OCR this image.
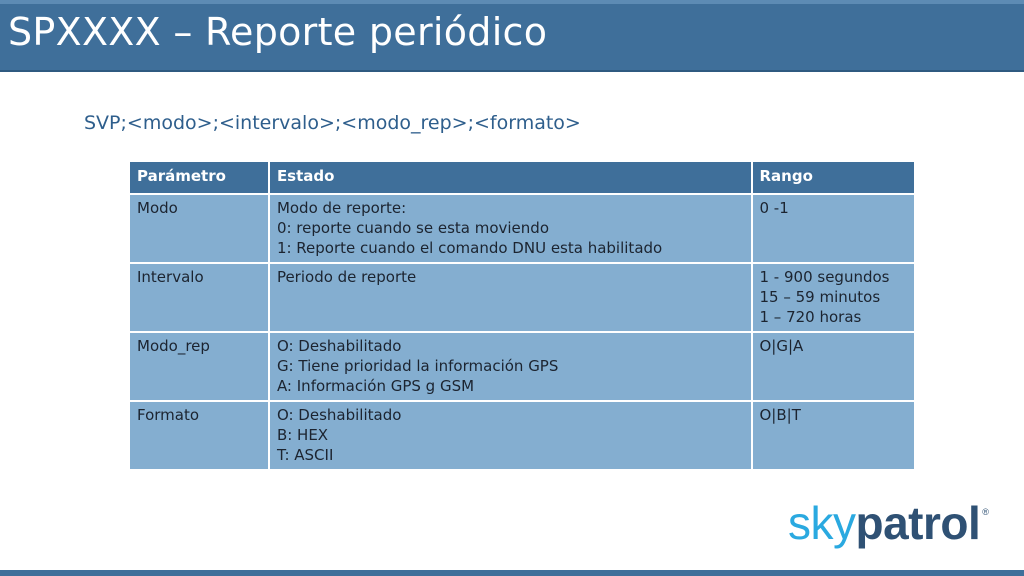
SPXXXX – Reporte periódico
SVP;<modo>;<intervalo>;<modo_rep>;<formato>
Parámetro	Estado	Rango
Modo	Modo de reporte:
0: reporte cuando se esta moviendo
1: Reporte cuando el comando DNU esta habilitado	0 -1

Intervalo	Periodo de reporte	1 - 900 segundos
15 – 59 minutos
1 – 720 horas

Modo_rep	O: Deshabilitado
G: Tiene prioridad la información GPS
A: Información GPS g GSM	O|G|A

Formato	O: Deshabilitado
B: HEX
T: ASCII	O|B|T
skypatrol ®
